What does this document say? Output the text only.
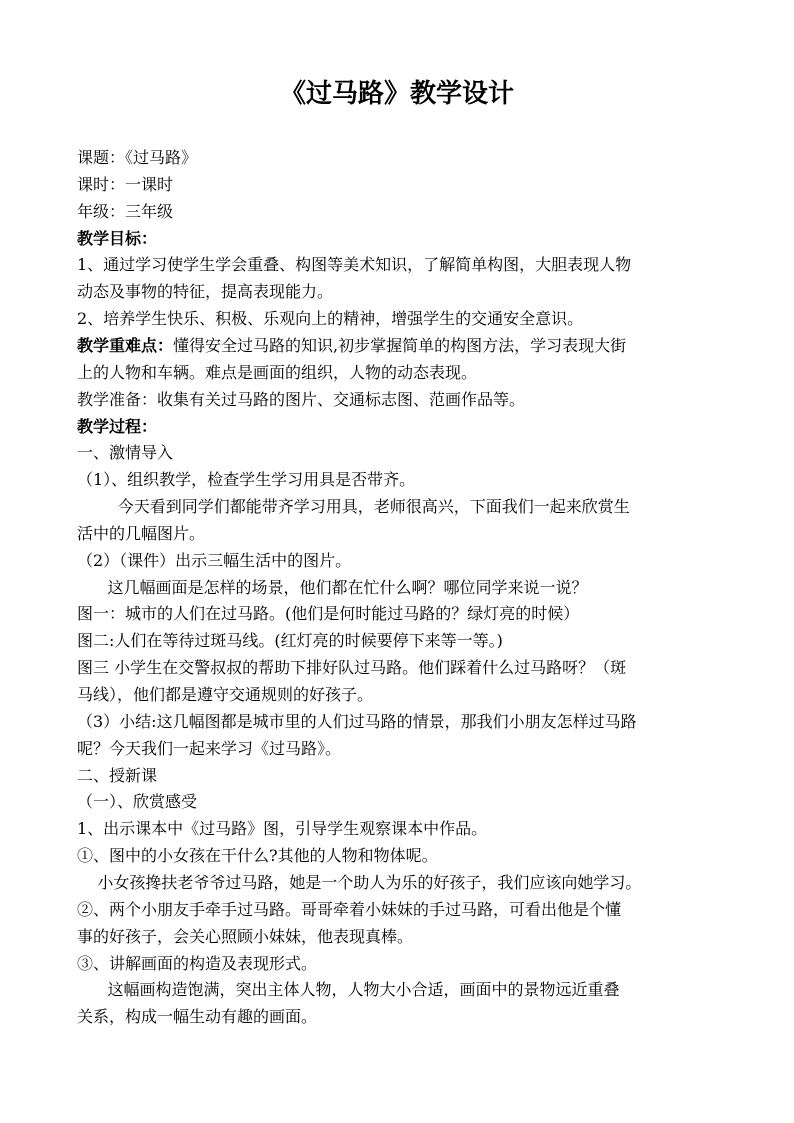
《过马路》教学设计
课题：《过马路》
课时：一课时
年级：三年级
教学目标：
1、通过学习使学生学会重叠、构图等美术知识，了解简单构图，大胆表现人物
动态及事物的特征，提高表现能力。
2、培养学生快乐、积极、乐观向上的精神，增强学生的交通安全意识。
教学重难点：懂得安全过马路的知识,初步掌握简单的构图方法，学习表现大街
上的人物和车辆。难点是画面的组织，人物的动态表现。
教学准备：收集有关过马路的图片、交通标志图、范画作品等。
教学过程：
一、激情导入
（1）、组织教学，检查学生学习用具是否带齐。
今天看到同学们都能带齐学习用具，老师很高兴，下面我们一起来欣赏生
活中的几幅图片。
（2）（课件）出示三幅生活中的图片。
这几幅画面是怎样的场景，他们都在忙什么啊？哪位同学来说一说？
图一：城市的人们在过马路。(他们是何时能过马路的？绿灯亮的时候）
图二:人们在等待过斑马线。(红灯亮的时候要停下来等一等。)
图三 小学生在交警叔叔的帮助下排好队过马路。他们踩着什么过马路呀？（斑
马线），他们都是遵守交通规则的好孩子。
（3）小结:这几幅图都是城市里的人们过马路的情景，那我们小朋友怎样过马路
呢？今天我们一起来学习《过马路》。
二、授新课
（一）、欣赏感受
1、出示课本中《过马路》图，引导学生观察课本中作品。
①、图中的小女孩在干什么?其他的人物和物体呢。
小女孩搀扶老爷爷过马路，她是一个助人为乐的好孩子，我们应该向她学习。
②、两个小朋友手牵手过马路。哥哥牵着小妹妹的手过马路，可看出他是个懂
事的好孩子，会关心照顾小妹妹，他表现真棒。
③、讲解画面的构造及表现形式。
这幅画构造饱满，突出主体人物，人物大小合适，画面中的景物远近重叠
关系，构成一幅生动有趣的画面。
